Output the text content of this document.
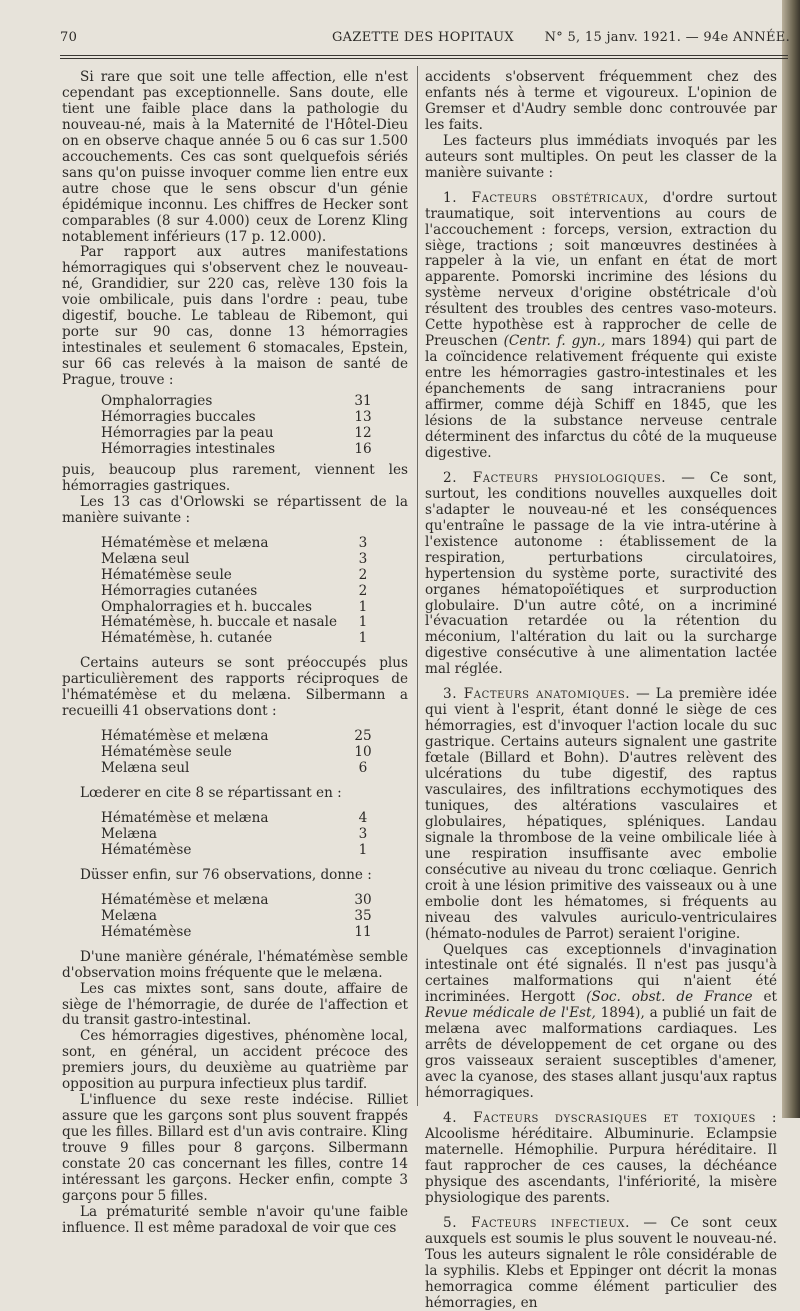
70	GAZETTE DES HOPITAUX N° 5, 15 janv. 1921. — 94e ANNÉE.

Si rare que soit une telle affection, elle n'est cependant pas exceptionnelle. Sans doute, elle tient une faible place dans la pathologie du nouveau-né, mais à la Maternité de l'Hôtel-Dieu on en observe chaque année 5 ou 6 cas sur 1.500 accouchements. Ces cas sont quelquefois sériés sans qu'on puisse invoquer comme lien entre eux autre chose que le sens obscur d'un génie épidémique inconnu. Les chiffres de Hecker sont comparables (8 sur 4.000) ceux de Lorenz Kling notablement inférieurs (17 p. 12.000).

Par rapport aux autres manifestations hémorragiques qui s'observent chez le nouveau-né, Grandidier, sur 220 cas, relève 130 fois la voie ombilicale, puis dans l'ordre : peau, tube digestif, bouche. Le tableau de Ribemont, qui porte sur 90 cas, donne 13 hémorragies intestinales et seulement 6 stomacales, Epstein, sur 66 cas relevés à la maison de santé de Prague, trouve :

Omphalorragies	31
Hémorragies buccales	13
Hémorragies par la peau	12
Hémorragies intestinales	16

puis, beaucoup plus rarement, viennent les hémorragies gastriques.

Les 13 cas d'Orlowski se répartissent de la manière suivante :

Hématémèse et melæna	3
Melæna seul	3
Hématémèse seule	2
Hémorragies cutanées	2
Omphalorragies et h. buccales	1
Hématémèse, h. buccale et nasale	1
Hématémèse, h. cutanée	1

Certains auteurs se sont préoccupés plus particulièrement des rapports réciproques de l'hématémèse et du melæna. Silbermann a recueilli 41 observations dont :

Hématémèse et melæna	25
Hématémèse seule	10
Melæna seul	6

Lœderer en cite 8 se répartissant en :

Hématémèse et melæna	4
Melæna	3
Hématémèse	1

Düsser enfin, sur 76 observations, donne :

Hématémèse et melæna	30
Melæna	35
Hématémèse	11

D'une manière générale, l'hématémèse semble d'observation moins fréquente que le melæna.

Les cas mixtes sont, sans doute, affaire de siège de l'hémorragie, de durée de l'affection et du transit gastro-intestinal.

Ces hémorragies digestives, phénomène local, sont, en général, un accident précoce des premiers jours, du deuxième au quatrième par opposition au purpura infectieux plus tardif.

L'influence du sexe reste indécise. Rilliet assure que les garçons sont plus souvent frappés que les filles. Billard est d'un avis contraire. Kling trouve 9 filles pour 8 garçons. Silbermann constate 20 cas concernant les filles, contre 14 intéressant les garçons. Hecker enfin, compte 3 garçons pour 5 filles.

La prématurité semble n'avoir qu'une faible influence. Il est même paradoxal de voir que ces

accidents s'observent fréquemment chez des enfants nés à terme et vigoureux. L'opinion de Gremser et d'Audry semble donc controuvée par les faits.

Les facteurs plus immédiats invoqués par les auteurs sont multiples. On peut les classer de la manière suivante :

1. Facteurs obstétricaux, d'ordre surtout traumatique, soit interventions au cours de l'accouchement : forceps, version, extraction du siège, tractions ; soit manœuvres destinées à rappeler à la vie, un enfant en état de mort apparente. Pomorski incrimine des lésions du système nerveux d'origine obstétricale d'où résultent des troubles des centres vaso-moteurs. Cette hypothèse est à rapprocher de celle de Preuschen (Centr. f. gyn., mars 1894) qui part de la coïncidence relativement fréquente qui existe entre les hémorragies gastro-intestinales et les épanchements de sang intracraniens pour affirmer, comme déjà Schiff en 1845, que les lésions de la substance nerveuse centrale déterminent des infarctus du côté de la muqueuse digestive.

2. Facteurs physiologiques. — Ce sont, surtout, les conditions nouvelles auxquelles doit s'adapter le nouveau-né et les conséquences qu'entraîne le passage de la vie intra-utérine à l'existence autonome : établissement de la respiration, perturbations circulatoires, hypertension du système porte, suractivité des organes hématopoïétiques et surproduction globulaire. D'un autre côté, on a incriminé l'évacuation retardée ou la rétention du méconium, l'altération du lait ou la surcharge digestive consécutive à une alimentation lactée mal réglée.

3. Facteurs anatomiques. — La première idée qui vient à l'esprit, étant donné le siège de ces hémorragies, est d'invoquer l'action locale du suc gastrique. Certains auteurs signalent une gastrite fœtale (Billard et Bohn). D'autres relèvent des ulcérations du tube digestif, des raptus vasculaires, des infiltrations ecchymotiques des tuniques, des altérations vasculaires et globulaires, hépatiques, spléniques. Landau signale la thrombose de la veine ombilicale liée à une respiration insuffisante avec embolie consécutive au niveau du tronc cœliaque. Genrich croit à une lésion primitive des vaisseaux ou à une embolie dont les hématomes, si fréquents au niveau des valvules auriculo-ventriculaires (hémato-nodules de Parrot) seraient l'origine.

Quelques cas exceptionnels d'invagination intestinale ont été signalés. Il n'est pas jusqu'à certaines malformations qui n'aient été incriminées. Hergott (Soc. obst. de France et Revue médicale de l'Est, 1894), a publié un fait de melæna avec malformations cardiaques. Les arrêts de développement de cet organe ou des gros vaisseaux seraient susceptibles d'amener, avec la cyanose, des stases allant jusqu'aux raptus hémorragiques.

4. Facteurs dyscrasiques et toxiques : Alcoolisme héréditaire. Albuminurie. Eclampsie maternelle. Hémophilie. Purpura héréditaire. Il faut rapprocher de ces causes, la déchéance physique des ascendants, l'infériorité, la misère physiologique des parents.

5. Facteurs infectieux. — Ce sont ceux auxquels est soumis le plus souvent le nouveau-né. Tous les auteurs signalent le rôle considérable de la syphilis. Klebs et Eppinger ont décrit la monas hemorragica comme élément particulier des hémorragies, en
